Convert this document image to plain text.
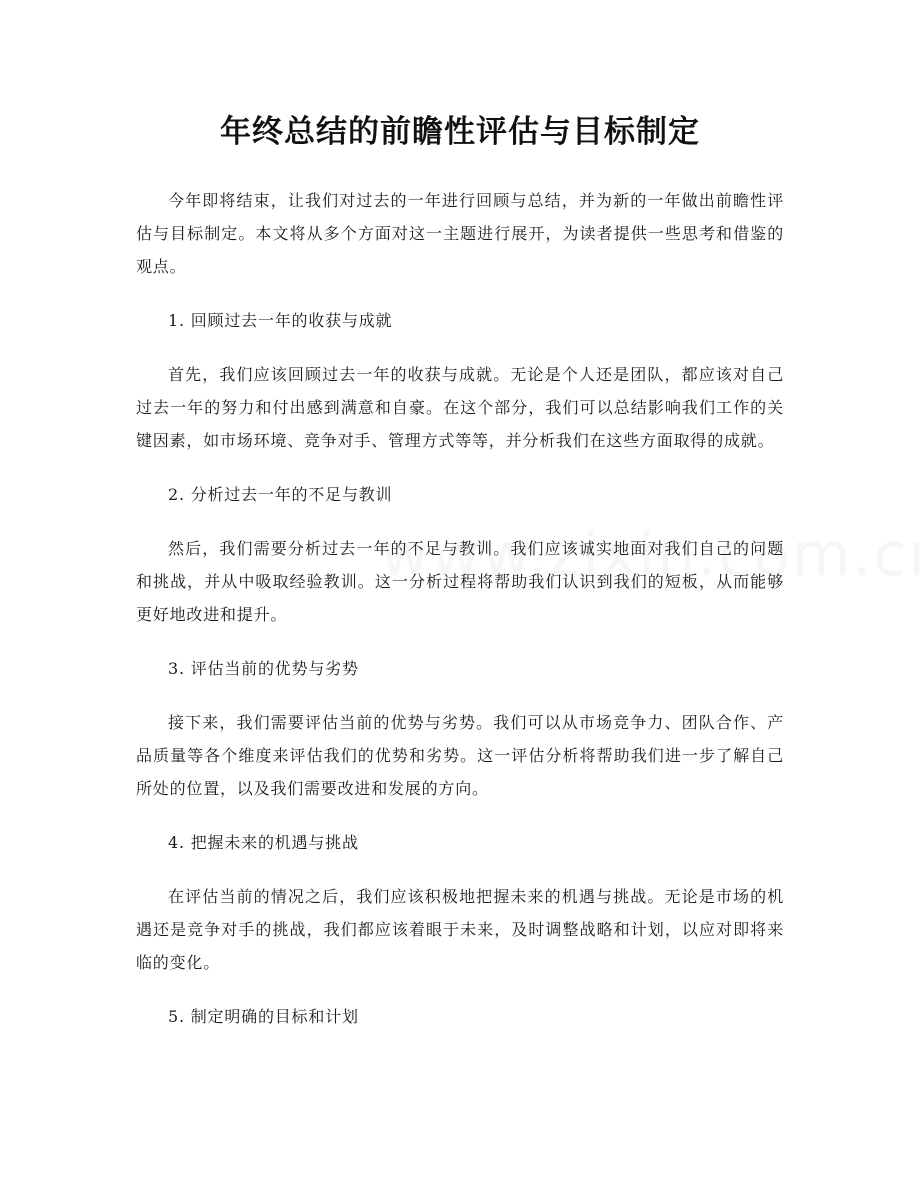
年终总结的前瞻性评估与目标制定

今年即将结束，让我们对过去的一年进行回顾与总结，并为新的一年做出前瞻性评估与目标制定。本文将从多个方面对这一主题进行展开，为读者提供一些思考和借鉴的观点。

1. 回顾过去一年的收获与成就

首先，我们应该回顾过去一年的收获与成就。无论是个人还是团队，都应该对自己过去一年的努力和付出感到满意和自豪。在这个部分，我们可以总结影响我们工作的关键因素，如市场环境、竞争对手、管理方式等等，并分析我们在这些方面取得的成就。

2. 分析过去一年的不足与教训

然后，我们需要分析过去一年的不足与教训。我们应该诚实地面对我们自己的问题和挑战，并从中吸取经验教训。这一分析过程将帮助我们认识到我们的短板，从而能够更好地改进和提升。

3. 评估当前的优势与劣势

接下来，我们需要评估当前的优势与劣势。我们可以从市场竞争力、团队合作、产品质量等各个维度来评估我们的优势和劣势。这一评估分析将帮助我们进一步了解自己所处的位置，以及我们需要改进和发展的方向。

4. 把握未来的机遇与挑战

在评估当前的情况之后，我们应该积极地把握未来的机遇与挑战。无论是市场的机遇还是竞争对手的挑战，我们都应该着眼于未来，及时调整战略和计划，以应对即将来临的变化。

5. 制定明确的目标和计划
